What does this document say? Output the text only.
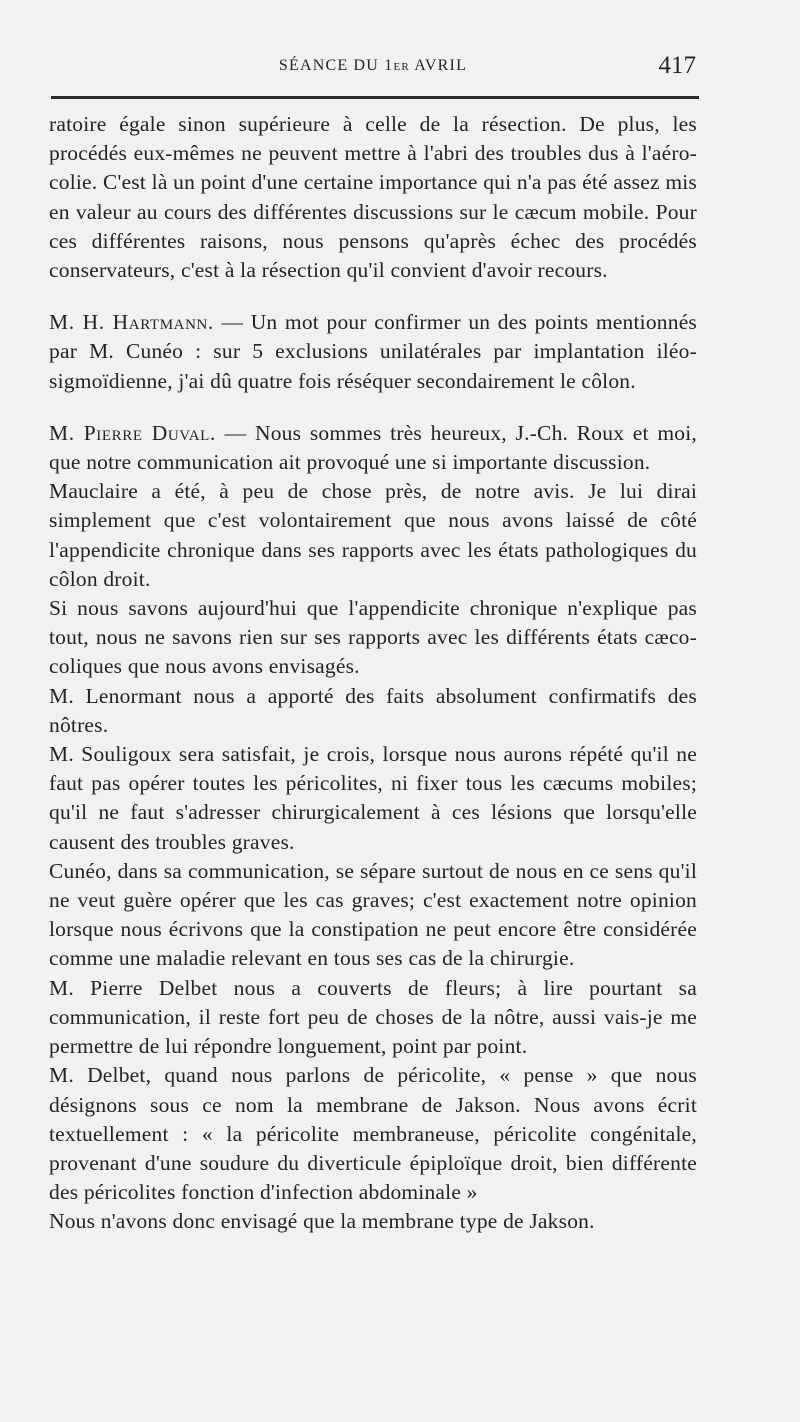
SÉANCE DU 1er AVRIL	417

ratoire égale sinon supérieure à celle de la résection. De plus, les procédés eux-mêmes ne peuvent mettre à l'abri des troubles dus à l'aéro-colie. C'est là un point d'une certaine importance qui n'a pas été assez mis en valeur au cours des différentes discussions sur le cæcum mobile. Pour ces différentes raisons, nous pensons qu'après échec des procédés conservateurs, c'est à la résection qu'il convient d'avoir recours.

M. H. Hartmann. — Un mot pour confirmer un des points mentionnés par M. Cunéo : sur 5 exclusions unilatérales par implantation iléo-sigmoïdienne, j'ai dû quatre fois réséquer secondairement le côlon.

M. Pierre Duval. — Nous sommes très heureux, J.-Ch. Roux et moi, que notre communication ait provoqué une si importante discussion.

Mauclaire a été, à peu de chose près, de notre avis. Je lui dirai simplement que c'est volontairement que nous avons laissé de côté l'appendicite chronique dans ses rapports avec les états pathologiques du côlon droit.

Si nous savons aujourd'hui que l'appendicite chronique n'explique pas tout, nous ne savons rien sur ses rapports avec les différents états cæco-coliques que nous avons envisagés.

M. Lenormant nous a apporté des faits absolument confirmatifs des nôtres.

M. Souligoux sera satisfait, je crois, lorsque nous aurons répété qu'il ne faut pas opérer toutes les péricolites, ni fixer tous les cæcums mobiles; qu'il ne faut s'adresser chirurgicalement à ces lésions que lorsqu'elle causent des troubles graves.

Cunéo, dans sa communication, se sépare surtout de nous en ce sens qu'il ne veut guère opérer que les cas graves; c'est exactement notre opinion lorsque nous écrivons que la constipation ne peut encore être considérée comme une maladie relevant en tous ses cas de la chirurgie.

M. Pierre Delbet nous a couverts de fleurs; à lire pourtant sa communication, il reste fort peu de choses de la nôtre, aussi vais-je me permettre de lui répondre longuement, point par point.

M. Delbet, quand nous parlons de péricolite, « pense » que nous désignons sous ce nom la membrane de Jakson. Nous avons écrit textuellement : « la péricolite membraneuse, péricolite congénitale, provenant d'une soudure du diverticule épiploïque droit, bien différente des péricolites fonction d'infection abdominale »

Nous n'avons donc envisagé que la membrane type de Jakson.
